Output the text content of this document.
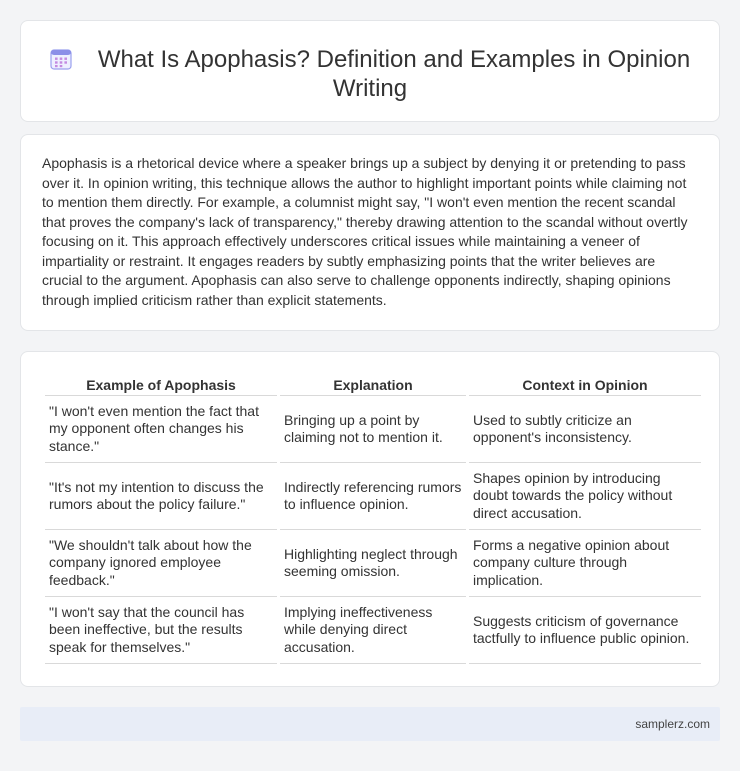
What Is Apophasis? Definition and Examples in Opinion Writing

Apophasis is a rhetorical device where a speaker brings up a subject by denying it or pretending to pass over it. In opinion writing, this technique allows the author to highlight important points while claiming not to mention them directly. For example, a columnist might say, "I won't even mention the recent scandal that proves the company's lack of transparency," thereby drawing attention to the scandal without overtly focusing on it. This approach effectively underscores critical issues while maintaining a veneer of impartiality or restraint. It engages readers by subtly emphasizing points that the writer believes are crucial to the argument. Apophasis can also serve to challenge opponents indirectly, shaping opinions through implied criticism rather than explicit statements.

Example of Apophasis	Explanation	Context in Opinion
"I won't even mention the fact that my opponent often changes his stance."	Bringing up a point by claiming not to mention it.	Used to subtly criticize an opponent's inconsistency.
"It's not my intention to discuss the rumors about the policy failure."	Indirectly referencing rumors to influence opinion.	Shapes opinion by introducing doubt towards the policy without direct accusation.
"We shouldn't talk about how the company ignored employee feedback."	Highlighting neglect through seeming omission.	Forms a negative opinion about company culture through implication.
"I won't say that the council has been ineffective, but the results speak for themselves."	Implying ineffectiveness while denying direct accusation.	Suggests criticism of governance tactfully to influence public opinion.
samplerz.com
